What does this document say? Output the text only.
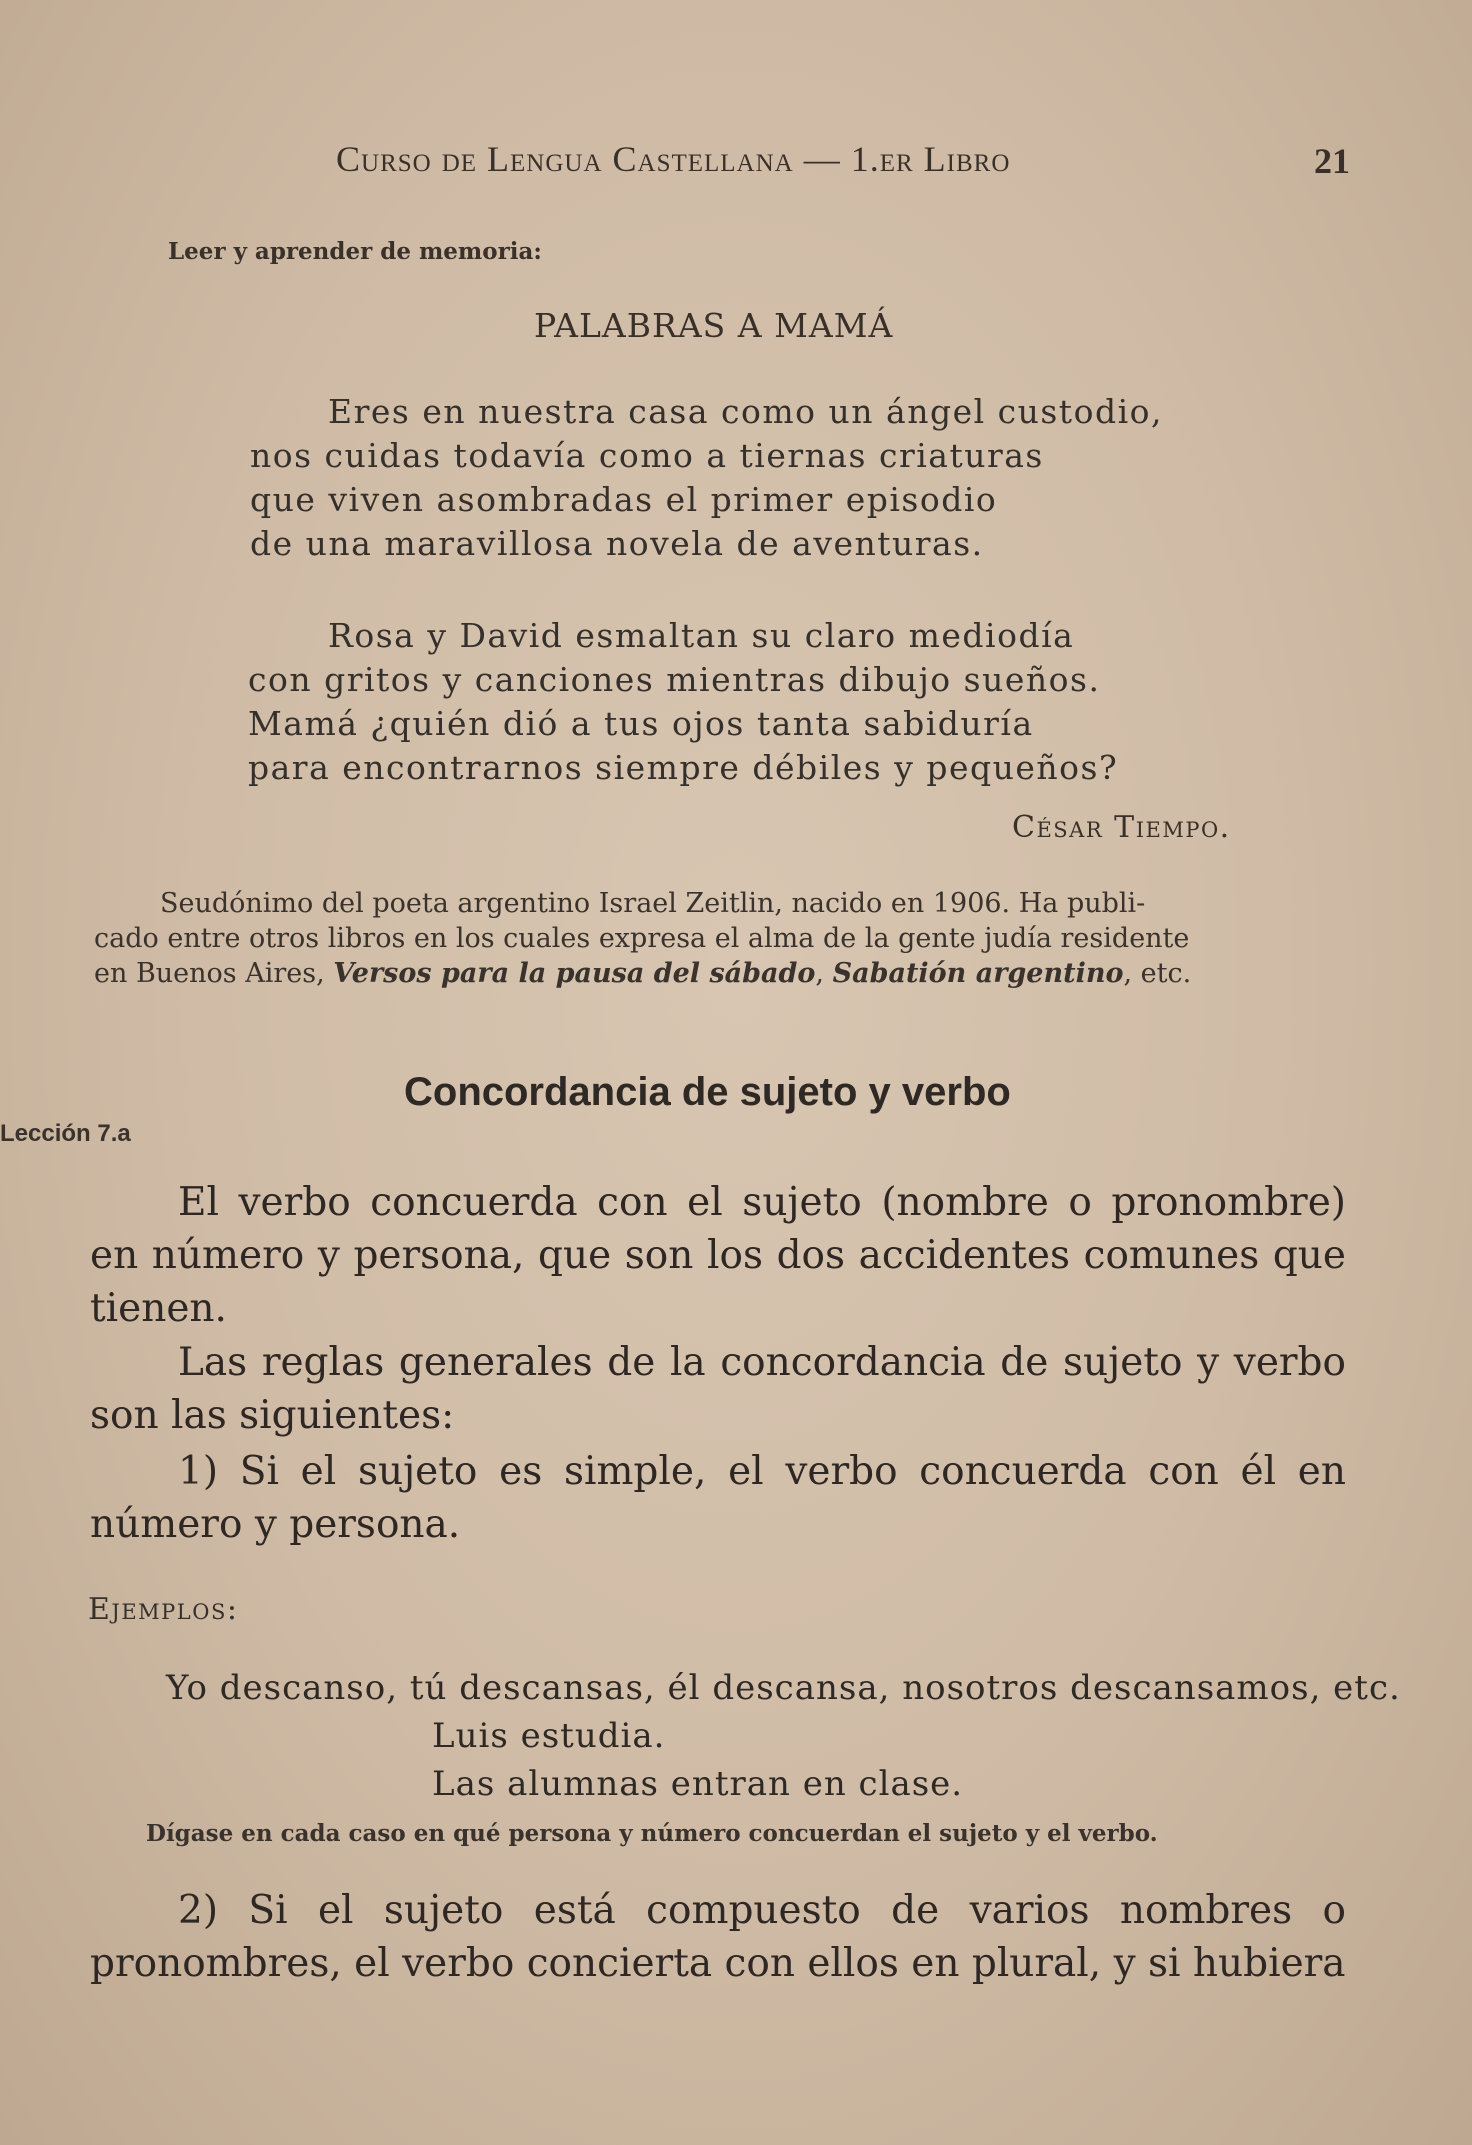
Curso de Lengua Castellana — 1.er Libro	21
Leer y aprender de memoria:
PALABRAS A MAMÁ
Eres en nuestra casa como un ángel custodio,
nos cuidas todavía como a tiernas criaturas
que viven asombradas el primer episodio
de una maravillosa novela de aventuras.
Rosa y David esmaltan su claro mediodía
con gritos y canciones mientras dibujo sueños.
Mamá ¿quién dió a tus ojos tanta sabiduría
para encontrarnos siempre débiles y pequeños?
César Tiempo.
Seudónimo del poeta argentino Israel Zeitlin, nacido en 1906. Ha publi-
cado entre otros libros en los cuales expresa el alma de la gente judía residente
en Buenos Aires, Versos para la pausa del sábado, Sabatión argentino, etc.
Concordancia de sujeto y verbo
Lección 7.a
El verbo concuerda con el sujeto (nombre o pronombre) en número y persona, que son los dos accidentes comunes que tienen.
Las reglas generales de la concordancia de sujeto y verbo son las siguientes:
1) Si el sujeto es simple, el verbo concuerda con él en número y persona.
Ejemplos:
Yo descanso, tú descansas, él descansa, nosotros descansamos, etc.
Luis estudia.
Las alumnas entran en clase.
Dígase en cada caso en qué persona y número concuerdan el sujeto y el verbo.
2) Si el sujeto está compuesto de varios nombres o pronombres, el verbo concierta con ellos en plural, y si hubiera
